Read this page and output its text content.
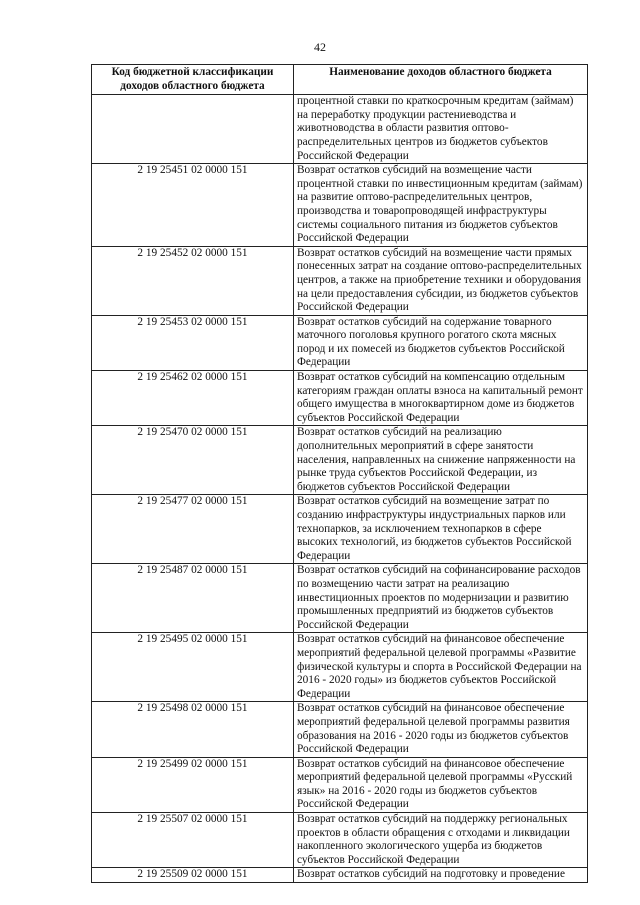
42
Код бюджетной классификации доходов областного бюджета	Наименование доходов областного бюджета
	процентной ставки по краткосрочным кредитам (займам) на переработку продукции растениеводства и животноводства в области развития оптово-распределительных центров из бюджетов субъектов Российской Федерации
2 19 25451 02 0000 151	Возврат остатков субсидий на возмещение части процентной ставки по инвестиционным кредитам (займам) на развитие оптово-распределительных центров, производства и товаропроводящей инфраструктуры системы социального питания из бюджетов субъектов Российской Федерации
2 19 25452 02 0000 151	Возврат остатков субсидий на возмещение части прямых понесенных затрат на создание оптово-распределительных центров, а также на приобретение техники и оборудования на цели предоставления субсидии, из бюджетов субъектов Российской Федерации
2 19 25453 02 0000 151	Возврат остатков субсидий на содержание товарного маточного поголовья крупного рогатого скота мясных пород и их помесей из бюджетов субъектов Российской Федерации
2 19 25462 02 0000 151	Возврат остатков субсидий на компенсацию отдельным категориям граждан оплаты взноса на капитальный ремонт общего имущества в многоквартирном доме из бюджетов субъектов Российской Федерации
2 19 25470 02 0000 151	Возврат остатков субсидий на реализацию дополнительных мероприятий в сфере занятости населения, направленных на снижение напряженности на рынке труда субъектов Российской Федерации, из бюджетов субъектов Российской Федерации
2 19 25477 02 0000 151	Возврат остатков субсидий на возмещение затрат по созданию инфраструктуры индустриальных парков или технопарков, за исключением технопарков в сфере высоких технологий, из бюджетов субъектов Российской Федерации
2 19 25487 02 0000 151	Возврат остатков субсидий на софинансирование расходов по возмещению части затрат на реализацию инвестиционных проектов по модернизации и развитию промышленных предприятий из бюджетов субъектов Российской Федерации
2 19 25495 02 0000 151	Возврат остатков субсидий на финансовое обеспечение мероприятий федеральной целевой программы «Развитие физической культуры и спорта в Российской Федерации на 2016 - 2020 годы» из бюджетов субъектов Российской Федерации
2 19 25498 02 0000 151	Возврат остатков субсидий на финансовое обеспечение мероприятий федеральной целевой программы развития образования на 2016 - 2020 годы из бюджетов субъектов Российской Федерации
2 19 25499 02 0000 151	Возврат остатков субсидий на финансовое обеспечение мероприятий федеральной целевой программы «Русский язык» на 2016 - 2020 годы из бюджетов субъектов Российской Федерации
2 19 25507 02 0000 151	Возврат остатков субсидий на поддержку региональных проектов в области обращения с отходами и ликвидации накопленного экологического ущерба из бюджетов субъектов Российской Федерации
2 19 25509 02 0000 151	Возврат остатков субсидий на подготовку и проведение
